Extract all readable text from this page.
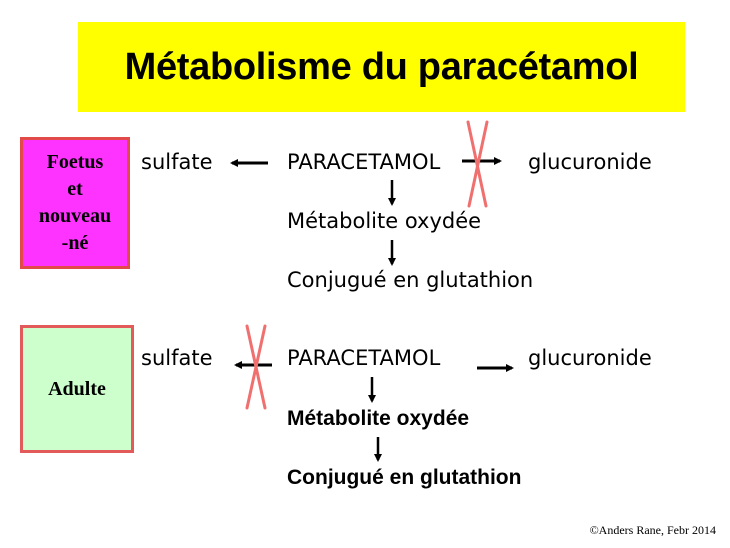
Métabolisme du paracétamol
Foetus
et
nouveau
-né
sulfate	PARACETAMOL	glucuronide
Métabolite oxydée
Conjugué en glutathion
Adulte
sulfate	PARACETAMOL	glucuronide
Métabolite oxydée
Conjugué en glutathion
©Anders Rane, Febr 2014
